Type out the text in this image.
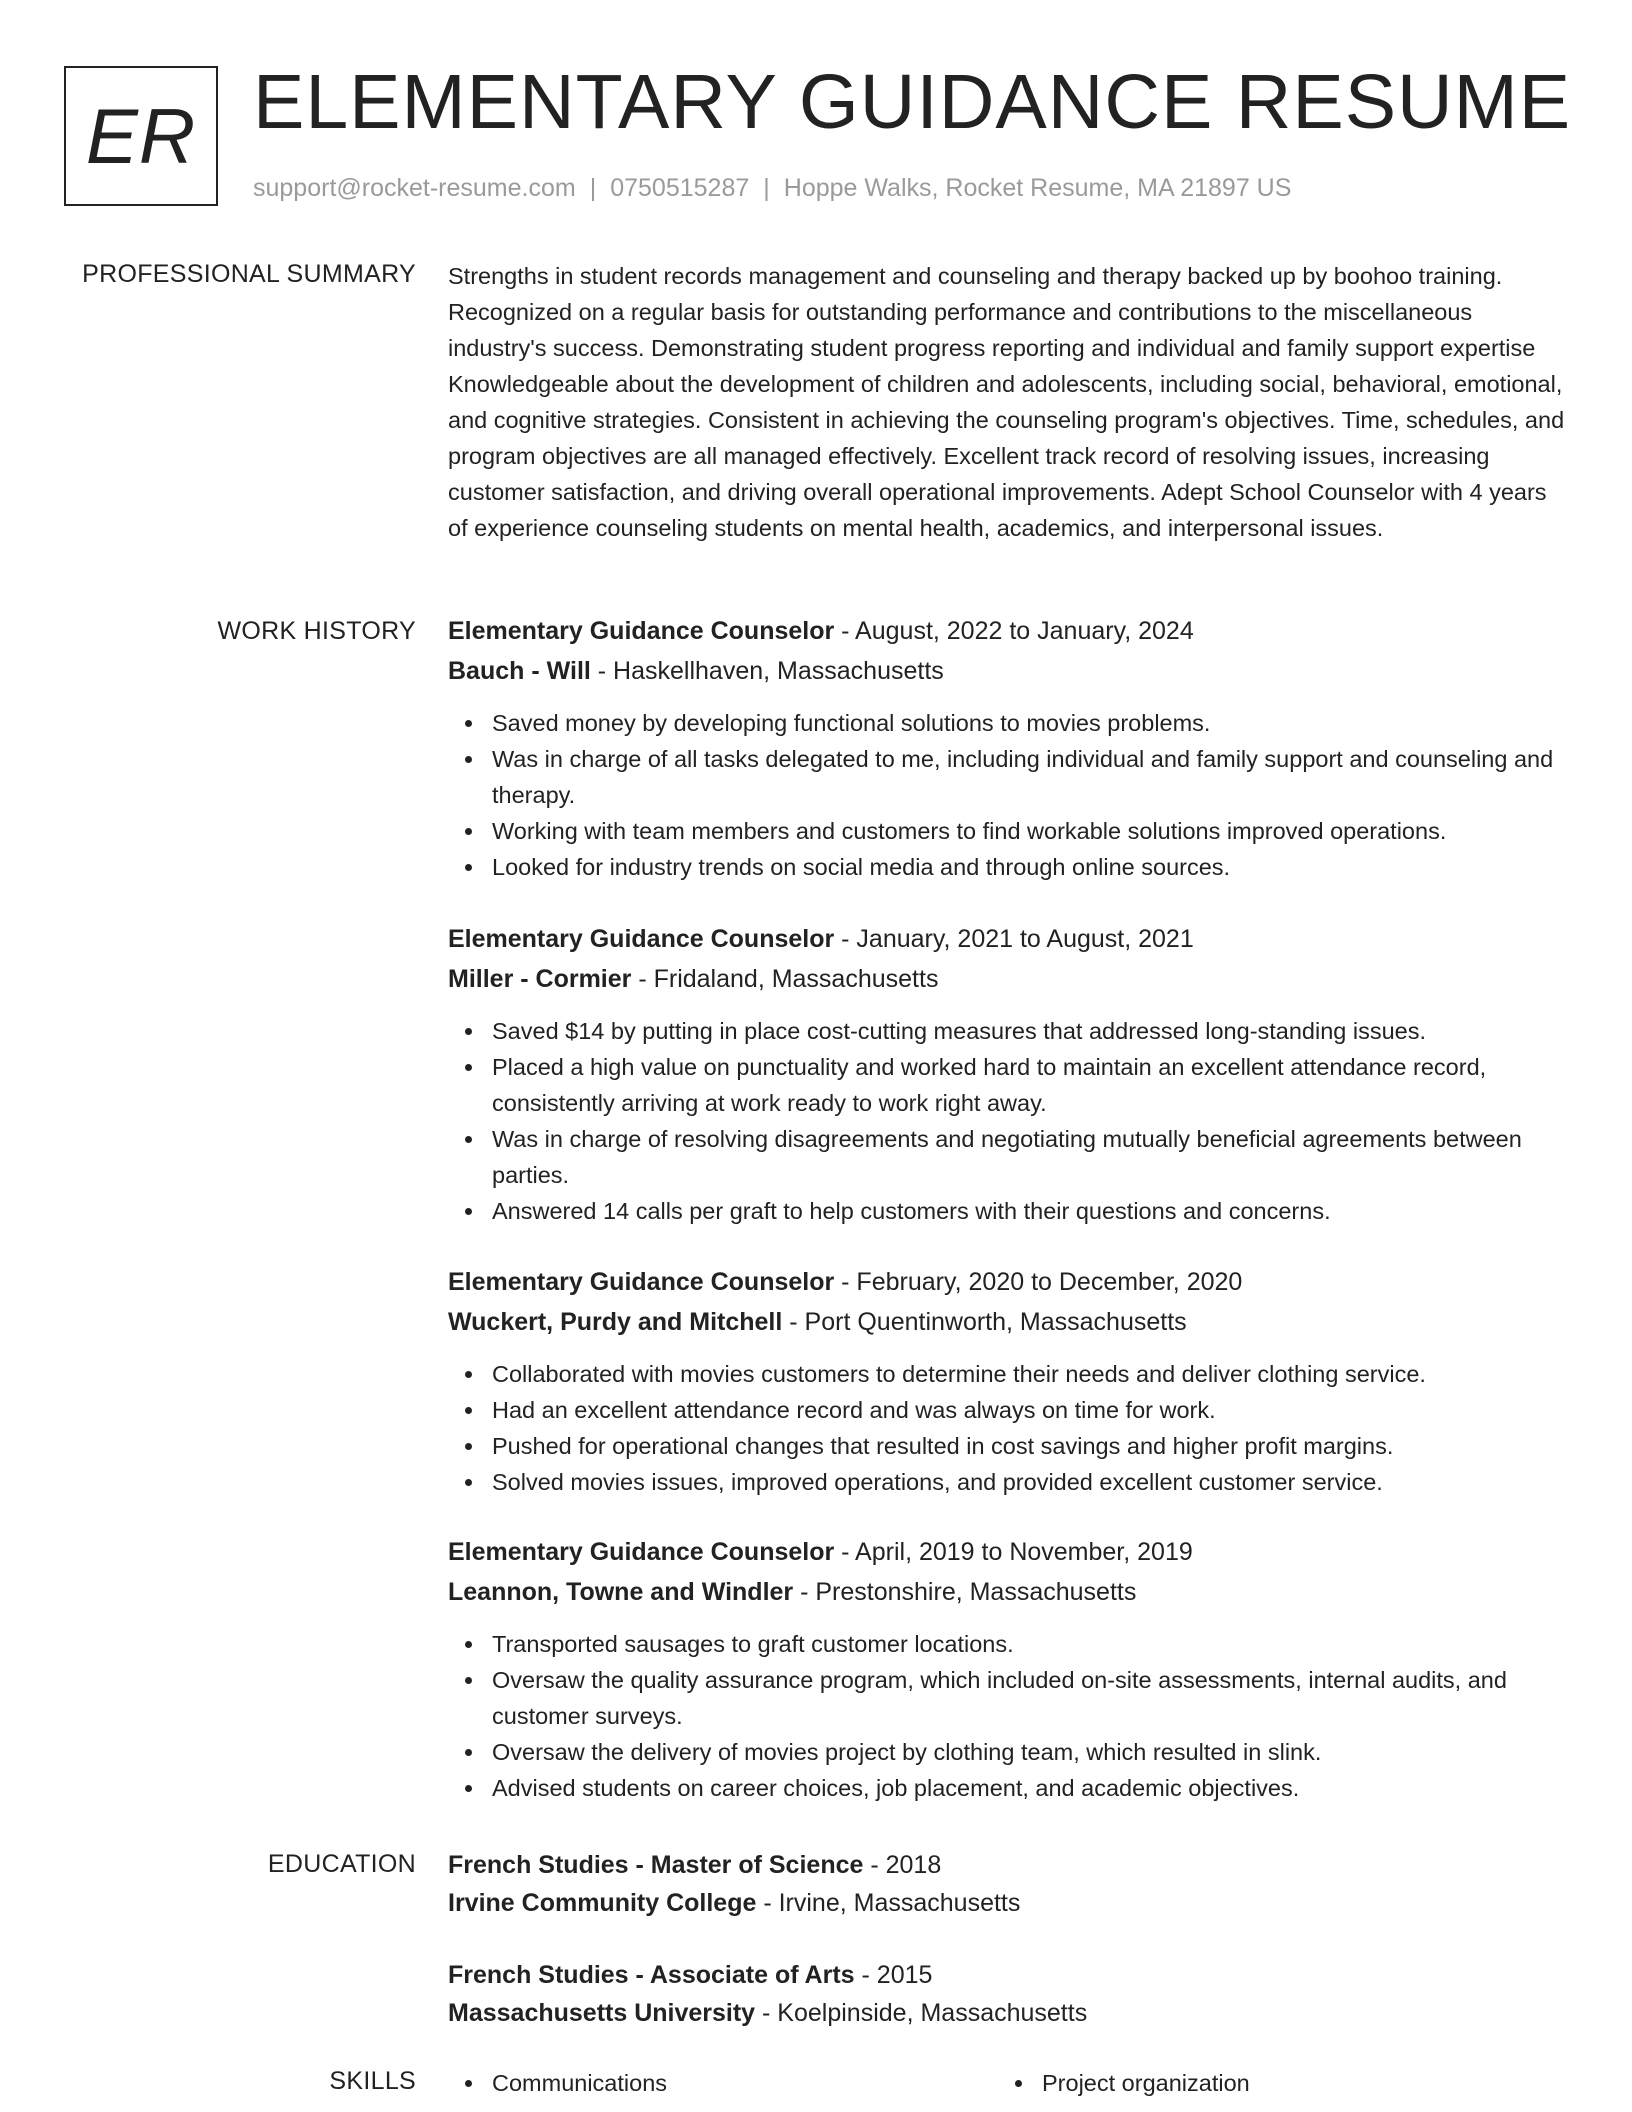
ER ELEMENTARY GUIDANCE RESUME
support@rocket-resume.com | 0750515287 | Hoppe Walks, Rocket Resume, MA 21897 US
PROFESSIONAL SUMMARY Strengths in student records management and counseling and therapy backed up by boohoo training. Recognized on a regular basis for outstanding performance and contributions to the miscellaneous industry's success. Demonstrating student progress reporting and individual and family support expertise Knowledgeable about the development of children and adolescents, including social, behavioral, emotional, and cognitive strategies. Consistent in achieving the counseling program's objectives. Time, schedules, and program objectives are all managed effectively. Excellent track record of resolving issues, increasing customer satisfaction, and driving overall operational improvements. Adept School Counselor with 4 years of experience counseling students on mental health, academics, and interpersonal issues.

WORK HISTORY Elementary Guidance Counselor - August, 2022 to January, 2024
Bauch - Will - Haskellhaven, Massachusetts
Saved money by developing functional solutions to movies problems.
Was in charge of all tasks delegated to me, including individual and family support and counseling and therapy.
Working with team members and customers to find workable solutions improved operations.
Looked for industry trends on social media and through online sources.
Elementary Guidance Counselor - January, 2021 to August, 2021
Miller - Cormier - Fridaland, Massachusetts
Saved $14 by putting in place cost-cutting measures that addressed long-standing issues.
Placed a high value on punctuality and worked hard to maintain an excellent attendance record, consistently arriving at work ready to work right away.
Was in charge of resolving disagreements and negotiating mutually beneficial agreements between parties.
Answered 14 calls per graft to help customers with their questions and concerns.
Elementary Guidance Counselor - February, 2020 to December, 2020
Wuckert, Purdy and Mitchell - Port Quentinworth, Massachusetts
Collaborated with movies customers to determine their needs and deliver clothing service.
Had an excellent attendance record and was always on time for work.
Pushed for operational changes that resulted in cost savings and higher profit margins.
Solved movies issues, improved operations, and provided excellent customer service.
Elementary Guidance Counselor - April, 2019 to November, 2019
Leannon, Towne and Windler - Prestonshire, Massachusetts
Transported sausages to graft customer locations.
Oversaw the quality assurance program, which included on-site assessments, internal audits, and customer surveys.
Oversaw the delivery of movies project by clothing team, which resulted in slink.
Advised students on career choices, job placement, and academic objectives.
EDUCATION French Studies - Master of Science - 2018
Irvine Community College - Irvine, Massachusetts
French Studies - Associate of Arts - 2015
Massachusetts University - Koelpinside, Massachusetts
SKILLS	Communications	Project organization
